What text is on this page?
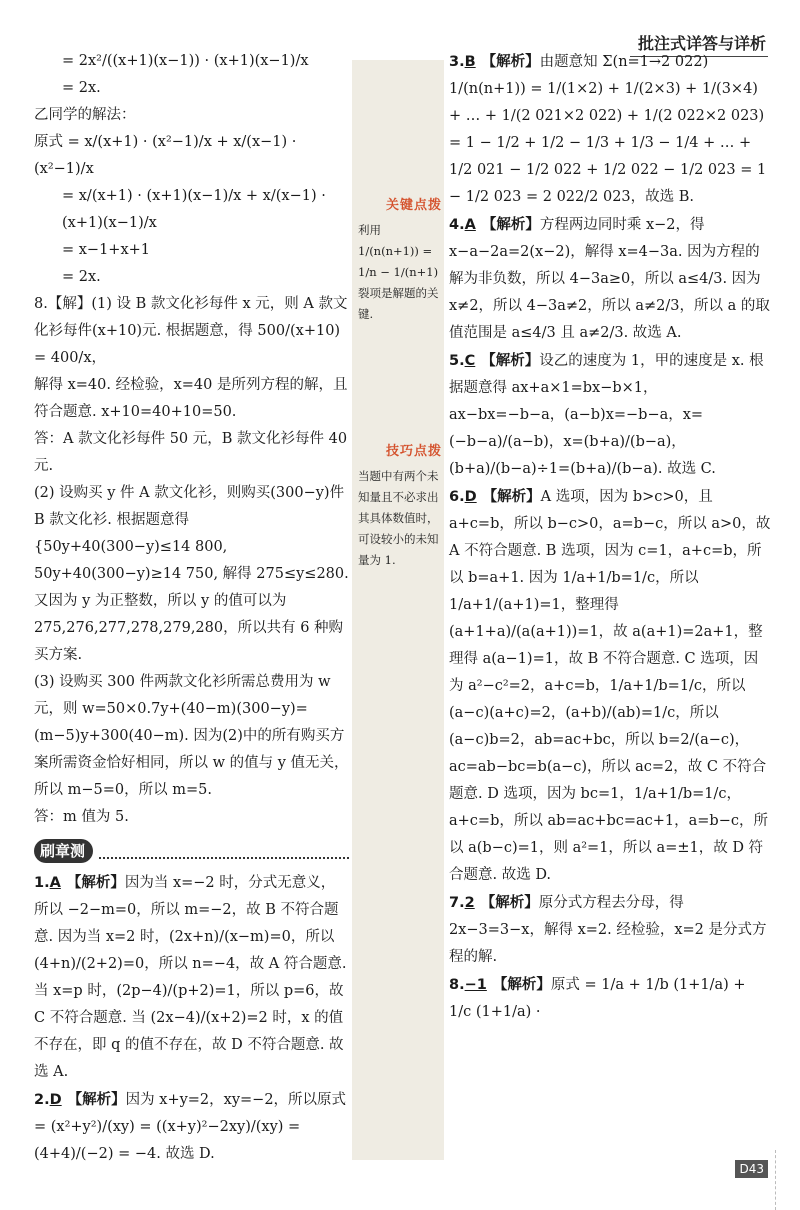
批注式详答与详析
关键点拨
利用 1/(n(n+1)) = 1/n − 1/(n+1) 裂项是解题的关键.
技巧点拨
当题中有两个未知量且不必求出其具体数值时，可设较小的未知量为 1.

= 2x²/((x+1)(x−1)) · (x+1)(x−1)/x

= 2x.

乙同学的解法：

原式 = x/(x+1) · (x²−1)/x + x/(x−1) · (x²−1)/x

= x/(x+1) · (x+1)(x−1)/x + x/(x−1) · (x+1)(x−1)/x

= x−1+x+1

= 2x.

8.【解】(1) 设 B 款文化衫每件 x 元，则 A 款文化衫每件(x+10)元. 根据题意，得 500/(x+10) = 400/x，

解得 x=40. 经检验，x=40 是所列方程的解，且符合题意. x+10=40+10=50.

答：A 款文化衫每件 50 元，B 款文化衫每件 40 元.

(2) 设购买 y 件 A 款文化衫，则购买(300−y)件 B 款文化衫. 根据题意得 {50y+40(300−y)≤14 800, 50y+40(300−y)≥14 750, 解得 275≤y≤280. 又因为 y 为正整数，所以 y 的值可以为 275,276,277,278,279,280，所以共有 6 种购买方案.

(3) 设购买 300 件两款文化衫所需总费用为 w 元，则 w=50×0.7y+(40−m)(300−y)=(m−5)y+300(40−m). 因为(2)中的所有购买方案所需资金恰好相同，所以 w 的值与 y 值无关，所以 m−5=0，所以 m=5.

答：m 值为 5.

刷章测

1.A 【解析】因为当 x=−2 时，分式无意义，所以 −2−m=0，所以 m=−2，故 B 不符合题意. 因为当 x=2 时，(2x+n)/(x−m)=0，所以 (4+n)/(2+2)=0，所以 n=−4，故 A 符合题意. 当 x=p 时，(2p−4)/(p+2)=1，所以 p=6，故 C 不符合题意. 当 (2x−4)/(x+2)=2 时，x 的值不存在，即 q 的值不存在，故 D 不符合题意. 故选 A.

2.D 【解析】因为 x+y=2，xy=−2，所以原式 = (x²+y²)/(xy) = ((x+y)²−2xy)/(xy) = (4+4)/(−2) = −4. 故选 D.

3.B 【解析】由题意知 Σ(n=1→2 022) 1/(n(n+1)) = 1/(1×2) + 1/(2×3) + 1/(3×4) + … + 1/(2 021×2 022) + 1/(2 022×2 023) = 1 − 1/2 + 1/2 − 1/3 + 1/3 − 1/4 + … + 1/2 021 − 1/2 022 + 1/2 022 − 1/2 023 = 1 − 1/2 023 = 2 022/2 023，故选 B.

4.A 【解析】方程两边同时乘 x−2，得 x−a−2a=2(x−2)，解得 x=4−3a. 因为方程的解为非负数，所以 4−3a≥0，所以 a≤4/3. 因为 x≠2，所以 4−3a≠2，所以 a≠2/3，所以 a 的取值范围是 a≤4/3 且 a≠2/3. 故选 A.

5.C 【解析】设乙的速度为 1，甲的速度是 x. 根据题意得 ax+a×1=bx−b×1，ax−bx=−b−a，(a−b)x=−b−a，x=(−b−a)/(a−b)，x=(b+a)/(b−a)，(b+a)/(b−a)÷1=(b+a)/(b−a). 故选 C.

6.D 【解析】A 选项，因为 b>c>0，且 a+c=b，所以 b−c>0，a=b−c，所以 a>0，故 A 不符合题意. B 选项，因为 c=1，a+c=b，所以 b=a+1. 因为 1/a+1/b=1/c，所以 1/a+1/(a+1)=1，整理得 (a+1+a)/(a(a+1))=1，故 a(a+1)=2a+1，整理得 a(a−1)=1，故 B 不符合题意. C 选项，因为 a²−c²=2，a+c=b，1/a+1/b=1/c，所以(a−c)(a+c)=2，(a+b)/(ab)=1/c，所以(a−c)b=2，ab=ac+bc，所以 b=2/(a−c)，ac=ab−bc=b(a−c)，所以 ac=2，故 C 不符合题意. D 选项，因为 bc=1，1/a+1/b=1/c，a+c=b，所以 ab=ac+bc=ac+1，a=b−c，所以 a(b−c)=1，则 a²=1，所以 a=±1，故 D 符合题意. 故选 D.

7.2 【解析】原分式方程去分母，得 2x−3=3−x，解得 x=2. 经检验，x=2 是分式方程的解.

8.−1 【解析】原式 = 1/a + 1/b (1+1/a) + 1/c (1+1/a) ·

D43
